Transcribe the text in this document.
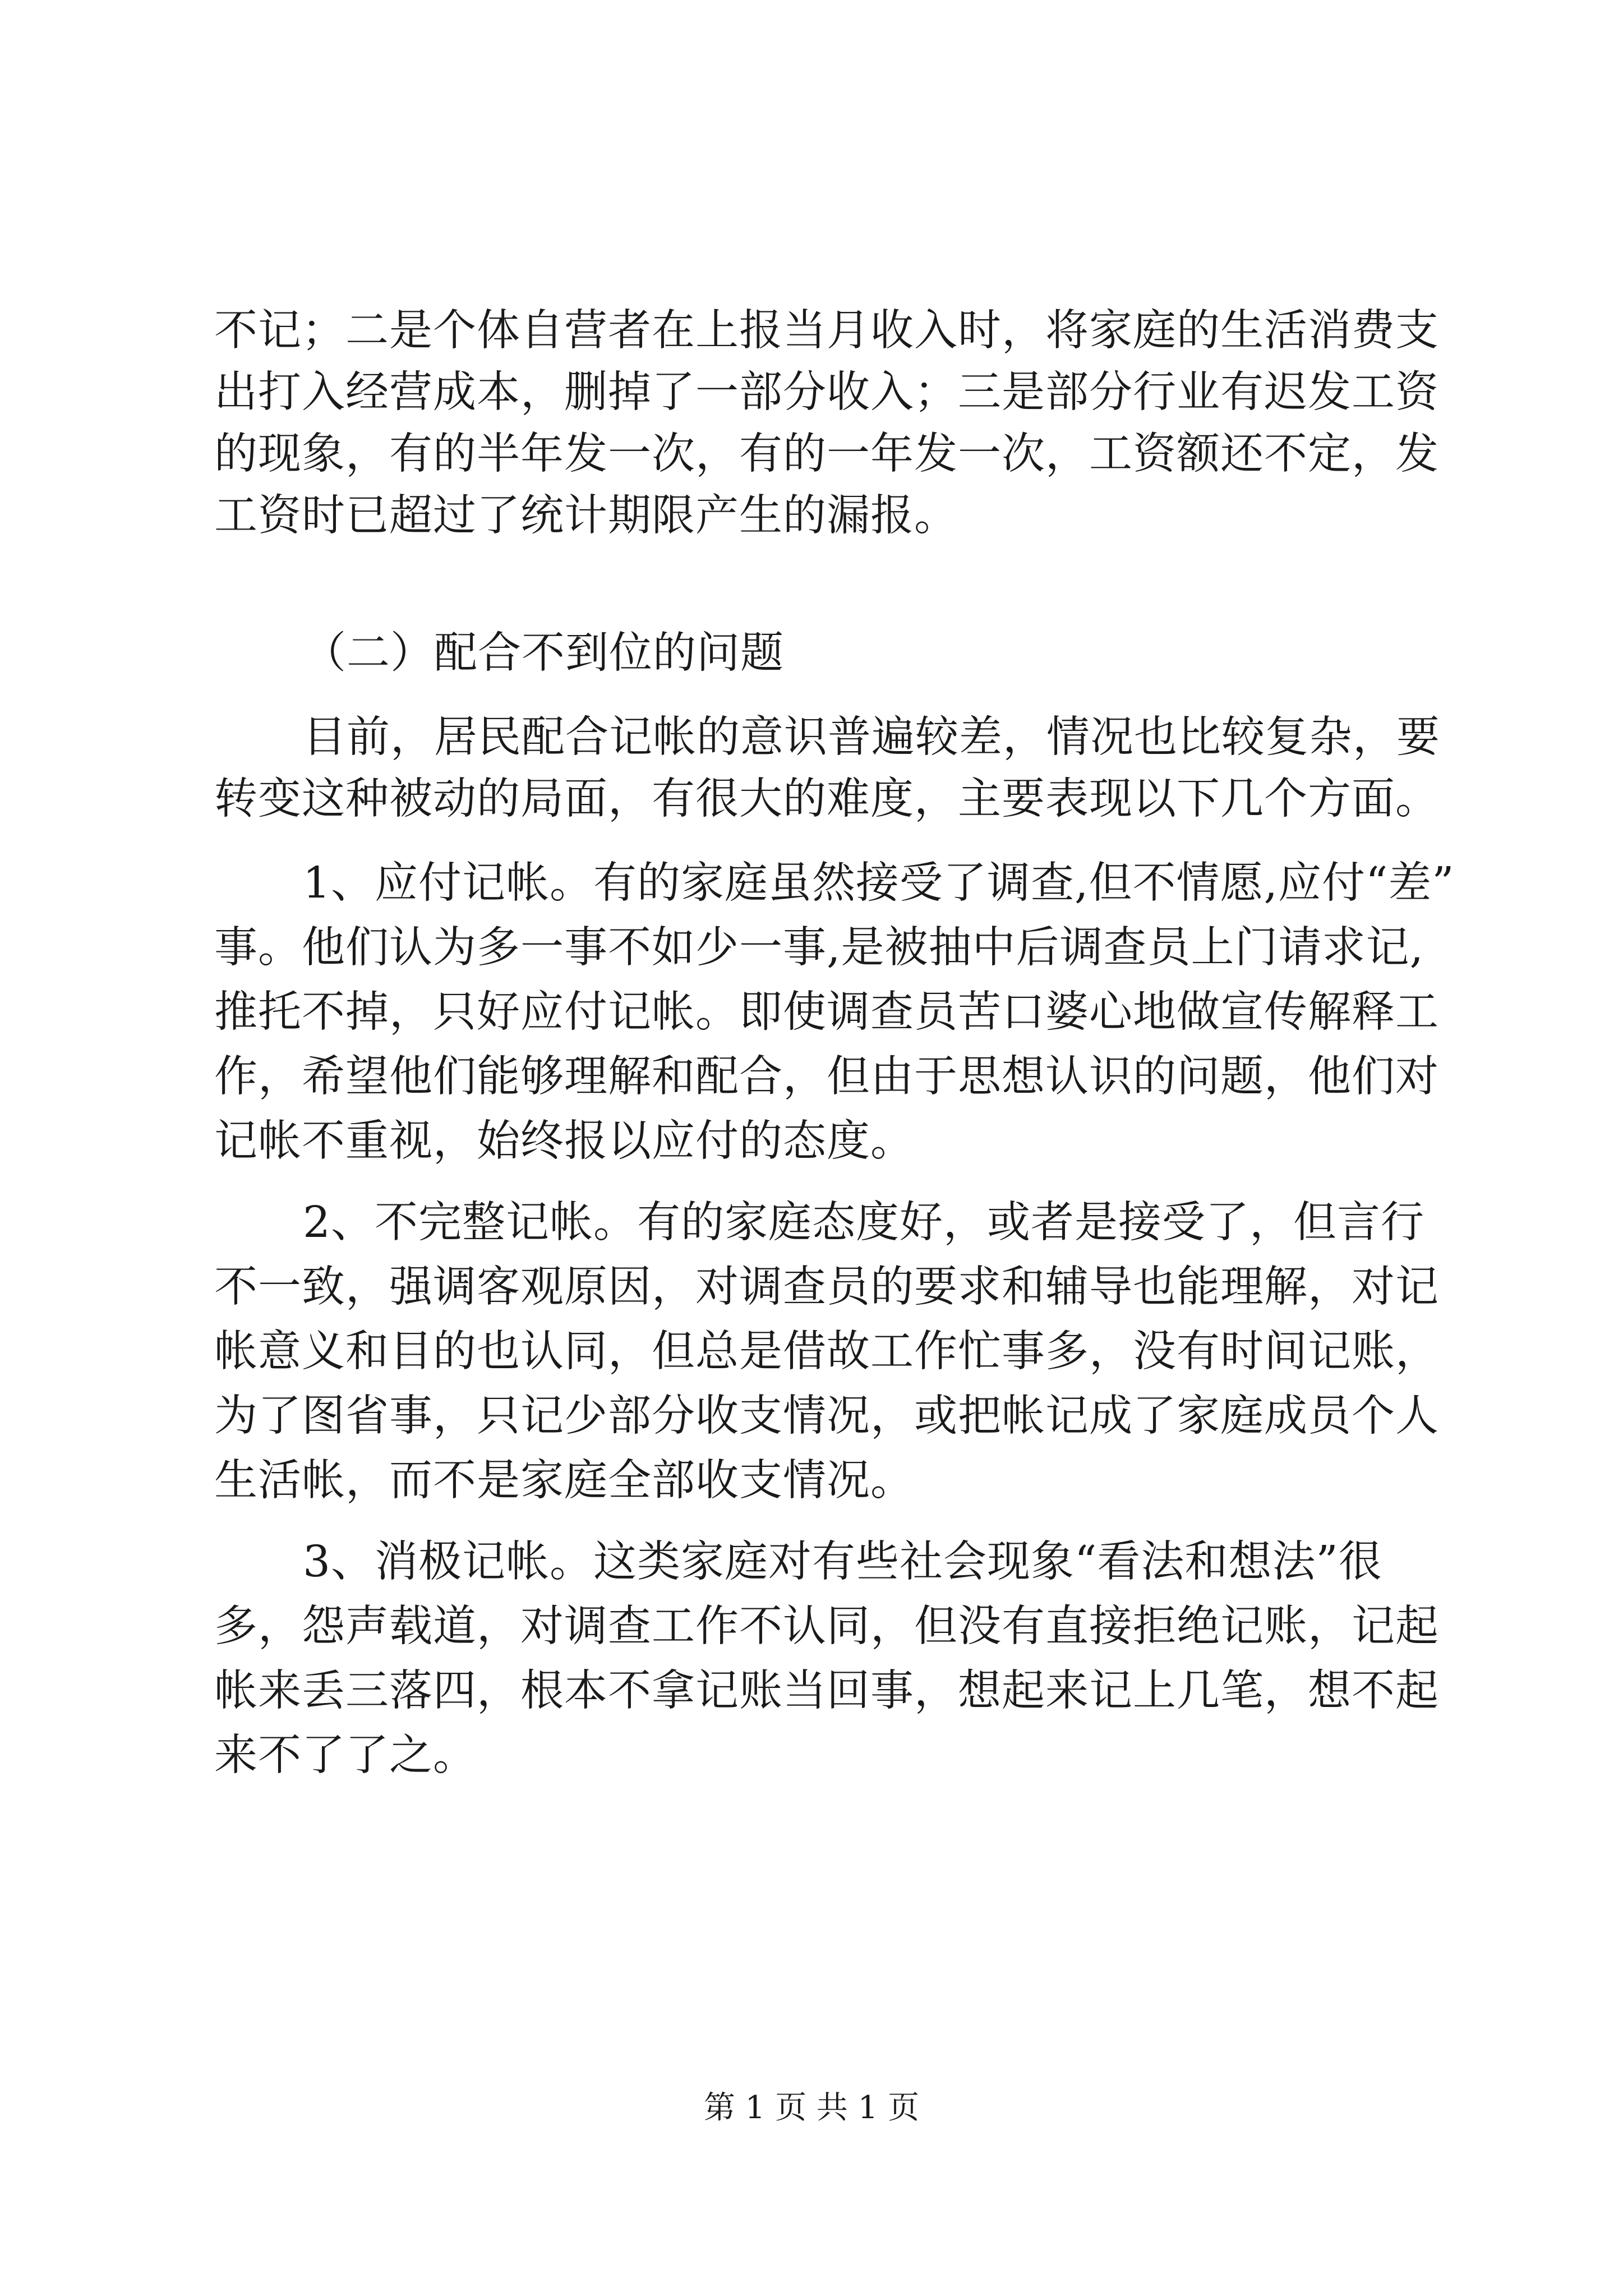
不记；二是个体自营者在上报当月收入时，将家庭的生活消费支
出打入经营成本，删掉了一部分收入；三是部分行业有迟发工资
的现象，有的半年发一次，有的一年发一次，工资额还不定，发
工资时已超过了统计期限产生的漏报。
（二）配合不到位的问题
目前，居民配合记帐的意识普遍较差，情况也比较复杂，要
转变这种被动的局面，有很大的难度，主要表现以下几个方面。
1、应付记帐。有的家庭虽然接受了调查,但不情愿,应付“差”
事。他们认为多一事不如少一事,是被抽中后调查员上门请求记,
推托不掉，只好应付记帐。即使调查员苦口婆心地做宣传解释工
作，希望他们能够理解和配合，但由于思想认识的问题，他们对
记帐不重视，始终报以应付的态度。
2、不完整记帐。有的家庭态度好，或者是接受了，但言行
不一致，强调客观原因，对调查员的要求和辅导也能理解，对记
帐意义和目的也认同，但总是借故工作忙事多，没有时间记账，
为了图省事，只记少部分收支情况，或把帐记成了家庭成员个人
生活帐，而不是家庭全部收支情况。
3、消极记帐。这类家庭对有些社会现象“看法和想法”很
多，怨声载道，对调查工作不认同，但没有直接拒绝记账，记起
帐来丢三落四，根本不拿记账当回事，想起来记上几笔，想不起
来不了了之。
第 1 页 共 1 页
